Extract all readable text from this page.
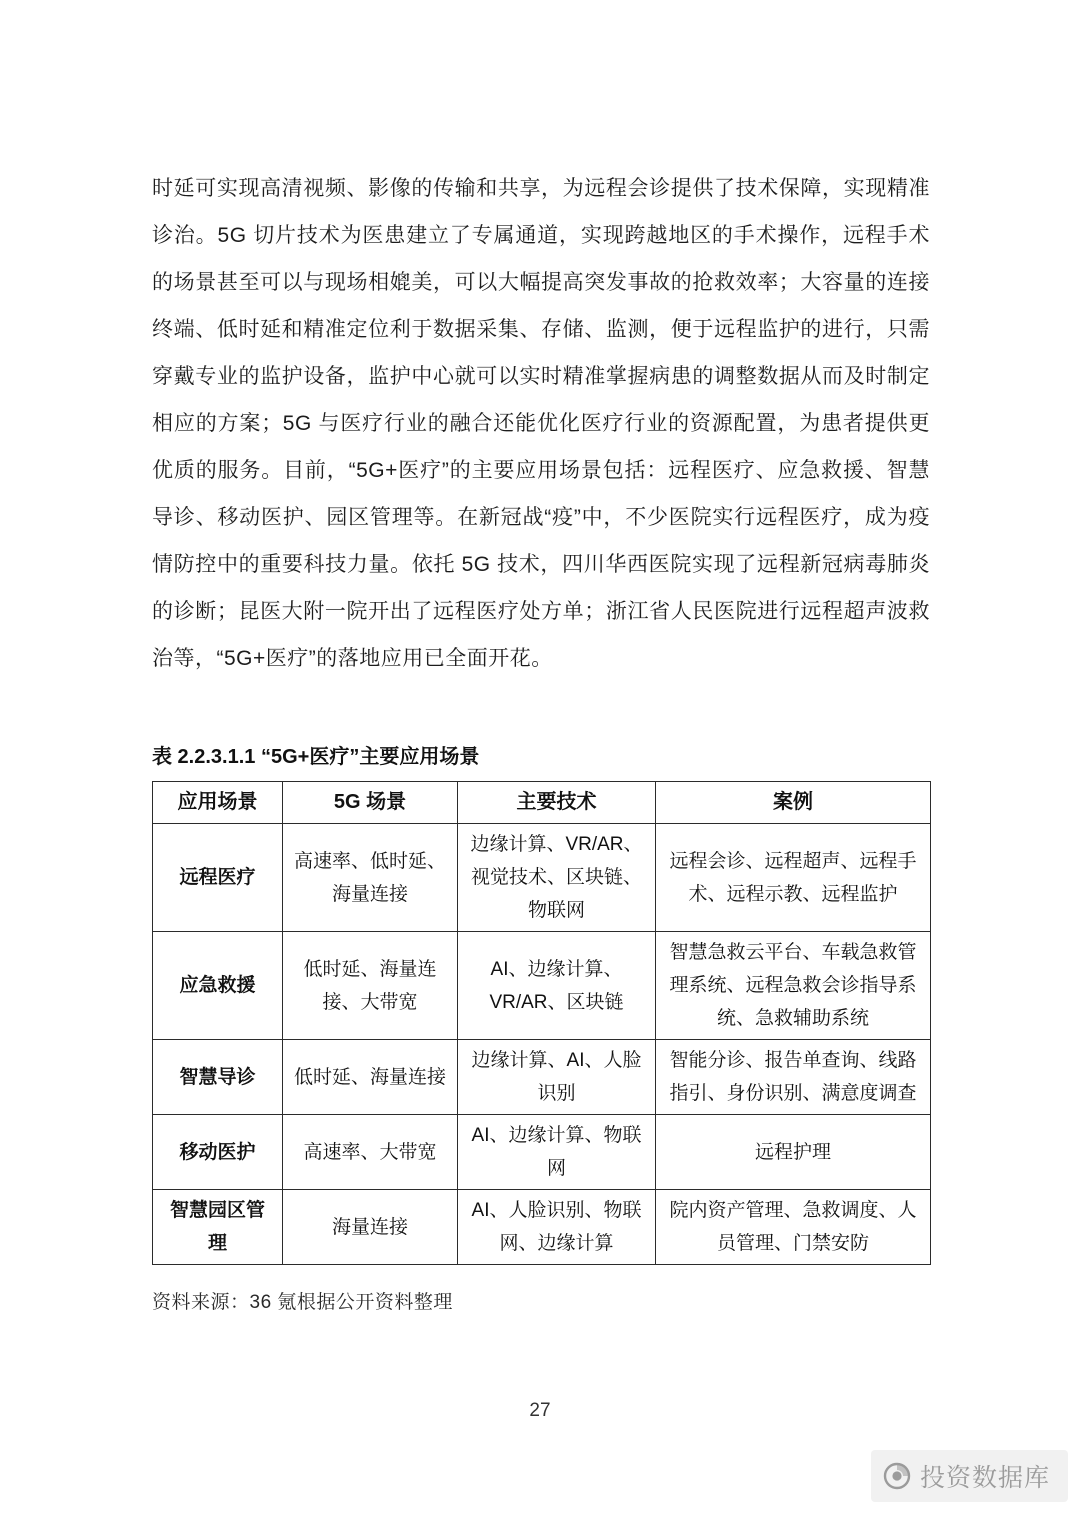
时延可实现高清视频、影像的传输和共享，为远程会诊提供了技术保障，实现精准诊治。5G 切片技术为医患建立了专属通道，实现跨越地区的手术操作，远程手术的场景甚至可以与现场相媲美，可以大幅提高突发事故的抢救效率；大容量的连接终端、低时延和精准定位利于数据采集、存储、监测，便于远程监护的进行，只需穿戴专业的监护设备，监护中心就可以实时精准掌握病患的调整数据从而及时制定相应的方案；5G 与医疗行业的融合还能优化医疗行业的资源配置，为患者提供更优质的服务。目前，“5G+医疗”的主要应用场景包括：远程医疗、应急救援、智慧导诊、移动医护、园区管理等。在新冠战“疫”中，不少医院实行远程医疗，成为疫情防控中的重要科技力量。依托 5G 技术，四川华西医院实现了远程新冠病毒肺炎的诊断；昆医大附一院开出了远程医疗处方单；浙江省人民医院进行远程超声波救治等，“5G+医疗”的落地应用已全面开花。

表 2.2.3.1.1 “5G+医疗”主要应用场景
应用场景	5G 场景	主要技术	案例
远程医疗	高速率、低时延、海量连接	边缘计算、VR/AR、视觉技术、区块链、物联网	远程会诊、远程超声、远程手术、远程示教、远程监护
应急救援	低时延、海量连接、大带宽	AI、边缘计算、VR/AR、区块链	智慧急救云平台、车载急救管理系统、远程急救会诊指导系统、急救辅助系统
智慧导诊	低时延、海量连接	边缘计算、AI、人脸识别	智能分诊、报告单查询、线路指引、身份识别、满意度调查
移动医护	高速率、大带宽	AI、边缘计算、物联网	远程护理
智慧园区管理	海量连接	AI、人脸识别、物联网、边缘计算	院内资产管理、急救调度、人员管理、门禁安防
资料来源：36 氪根据公开资料整理
27
投资数据库
